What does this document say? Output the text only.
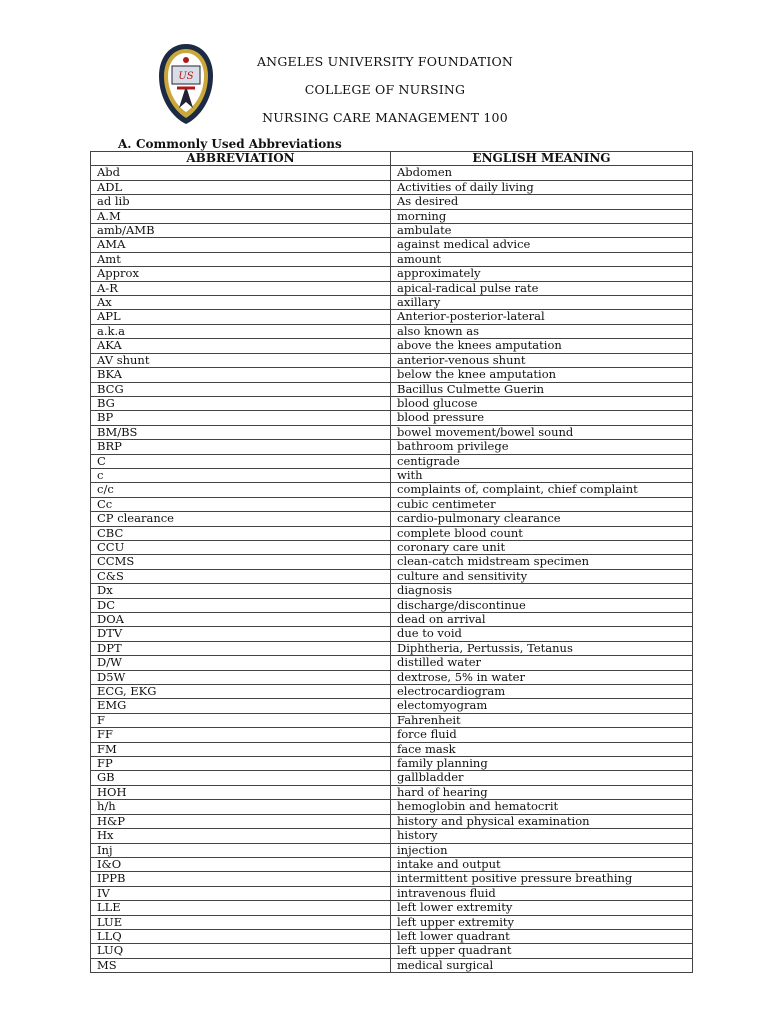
US
ANGELES UNIVERSITY FOUNDATION
COLLEGE OF NURSING
NURSING CARE MANAGEMENT 100
A. Commonly Used Abbreviations
ABBREVIATION	ENGLISH MEANING
Abd	Abdomen
ADL	Activities of daily living
ad lib	As desired
A.M	morning
amb/AMB	ambulate
AMA	against medical advice
Amt	amount
Approx	approximately
A-R	apical-radical pulse rate
Ax	axillary
APL	Anterior-posterior-lateral
a.k.a	also known as
AKA	above the knees amputation
AV shunt	anterior-venous shunt
BKA	below the knee amputation
BCG	Bacillus Culmette Guerin
BG	blood glucose
BP	blood pressure
BM/BS	bowel movement/bowel sound
BRP	bathroom privilege
C	centigrade
c	with
c/c	complaints of, complaint, chief complaint
Cc	cubic centimeter
CP clearance	cardio-pulmonary clearance
CBC	complete blood count
CCU	coronary care unit
CCMS	clean-catch midstream specimen
C&S	culture and sensitivity
Dx	diagnosis
DC	discharge/discontinue
DOA	dead on arrival
DTV	due to void
DPT	Diphtheria, Pertussis, Tetanus
D/W	distilled water
D5W	dextrose, 5% in water
ECG, EKG	electrocardiogram
EMG	electomyogram
F	Fahrenheit
FF	force fluid
FM	face mask
FP	family planning
GB	gallbladder
HOH	hard of hearing
h/h	hemoglobin and hematocrit
H&P	history and physical examination
Hx	history
Inj	injection
I&O	intake and output
IPPB	intermittent positive pressure breathing
IV	intravenous fluid
LLE	left lower extremity
LUE	left upper extremity
LLQ	left lower quadrant
LUQ	left upper quadrant
MS	medical surgical
